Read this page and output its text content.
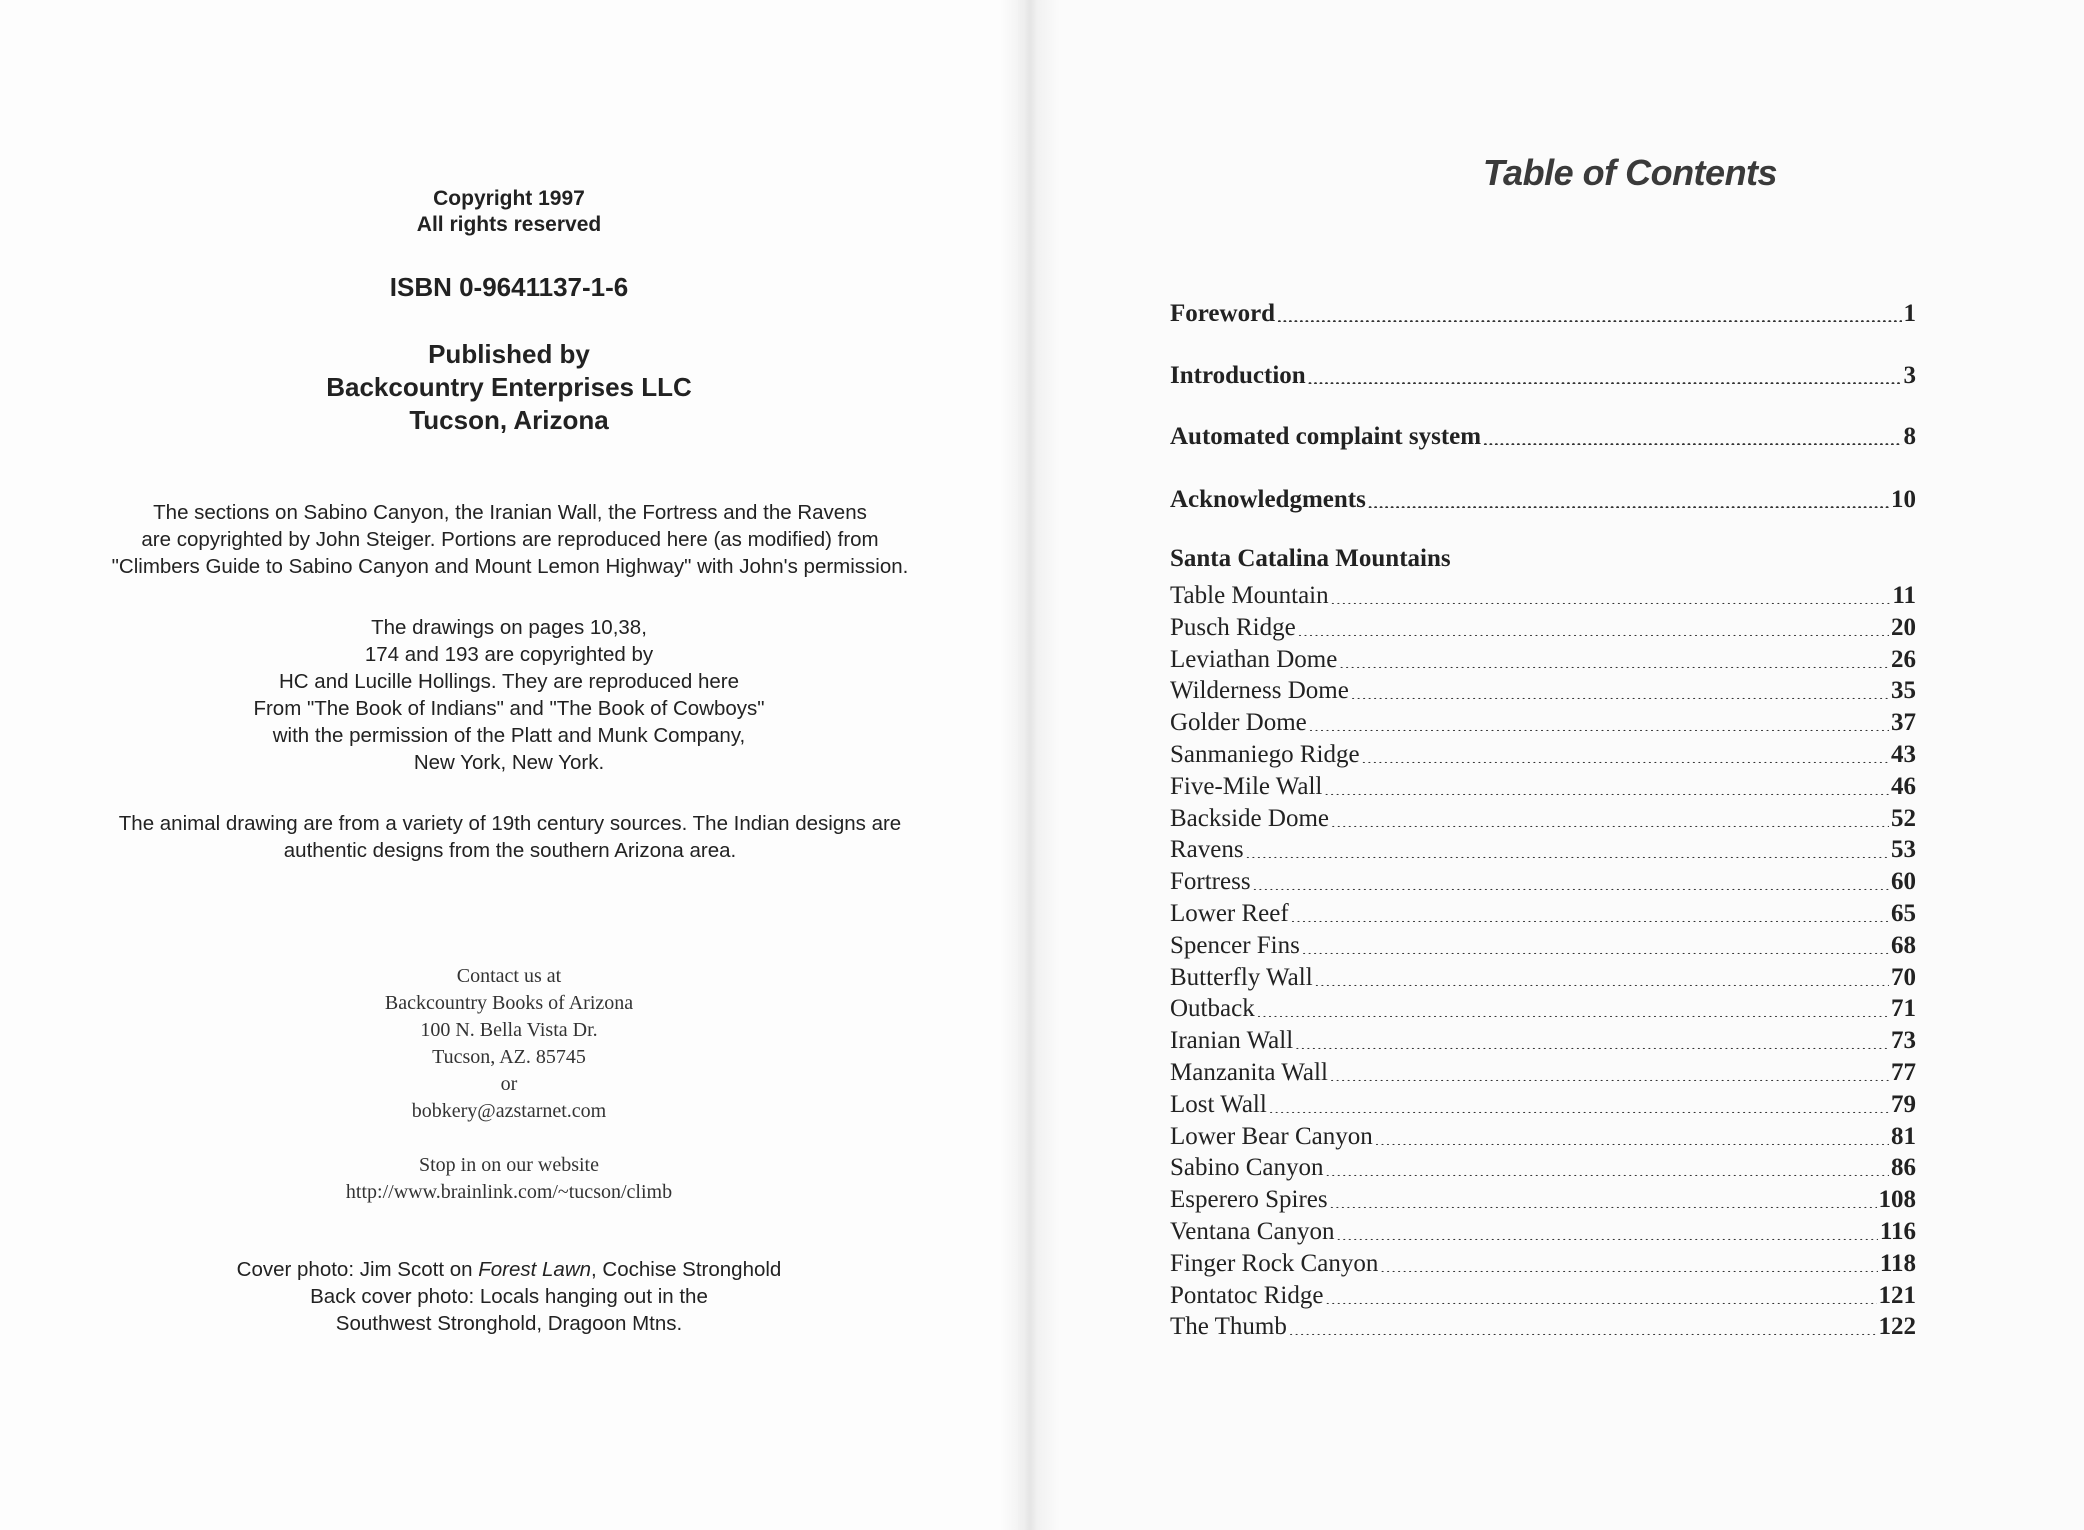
Copyright 1997
All rights reserved
ISBN 0-9641137-1-6
Published by
Backcountry Enterprises LLC
Tucson, Arizona
The sections on Sabino Canyon, the Iranian Wall, the Fortress and the Ravens
are copyrighted by John Steiger. Portions are reproduced here (as modified) from
"Climbers Guide to Sabino Canyon and Mount Lemon Highway" with John's permission.
The drawings on pages 10,38,
174 and 193 are copyrighted by
HC and Lucille Hollings. They are reproduced here
From "The Book of Indians" and "The Book of Cowboys"
with the permission of the Platt and Munk Company,
New York, New York.
The animal drawing are from a variety of 19th century sources. The Indian designs are
authentic designs from the southern Arizona area.
Contact us at
Backcountry Books of Arizona
100 N. Bella Vista Dr.
Tucson, AZ. 85745
or
bobkery@azstarnet.com
Stop in on our website
http://www.brainlink.com/~tucson/climb
Cover photo: Jim Scott on Forest Lawn, Cochise Stronghold
Back cover photo: Locals hanging out in the
Southwest Stronghold, Dragoon Mtns.
Table of Contents
Foreword .....	1
Introduction .....	3
Automated complaint system .....	8
Acknowledgments .....	10
Santa Catalina Mountains
Table Mountain .....	11
Pusch Ridge .....	20
Leviathan Dome .....	26
Wilderness Dome .....	35
Golder Dome .....	37
Sanmaniego Ridge .....	43
Five-Mile Wall .....	46
Backside Dome .....	52
Ravens .....	53
Fortress .....	60
Lower Reef .....	65
Spencer Fins .....	68
Butterfly Wall .....	70
Outback .....	71
Iranian Wall .....	73
Manzanita Wall .....	77
Lost Wall .....	79
Lower Bear Canyon .....	81
Sabino Canyon .....	86
Esperero Spires .....	108
Ventana Canyon .....	116
Finger Rock Canyon .....	118
Pontatoc Ridge .....	121
The Thumb .....	122
